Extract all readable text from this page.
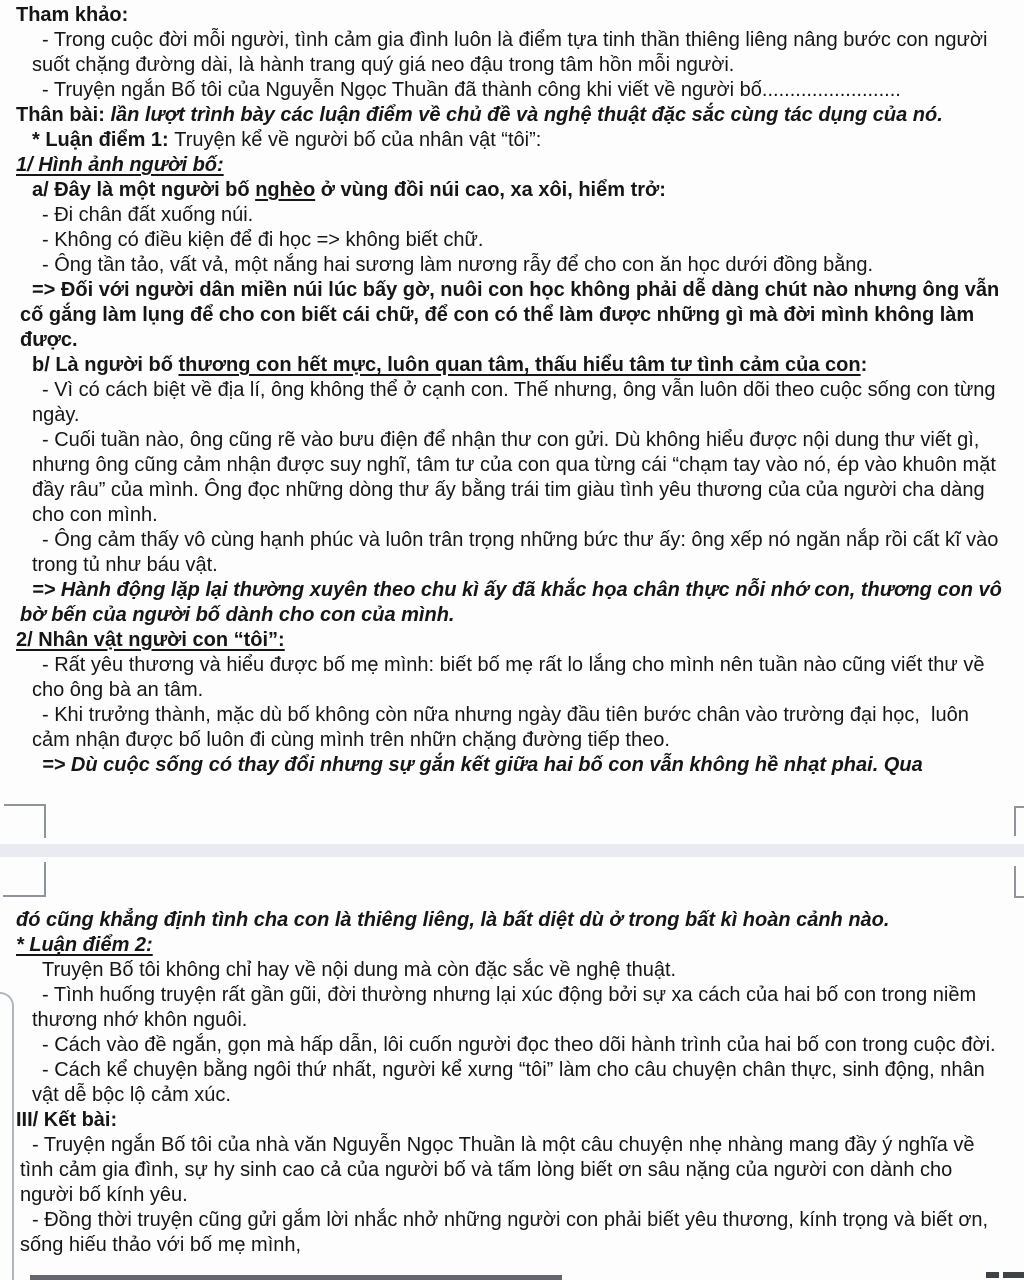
Tham khảo:

- Trong cuộc đời mỗi người, tình cảm gia đình luôn là điểm tựa tinh thần thiêng liêng nâng bước con người suốt chặng đường dài, là hành trang quý giá neo đậu trong tâm hồn mỗi người.

- Truyện ngắn Bố tôi của Nguyễn Ngọc Thuần đã thành công khi viết về người bố.........................

Thân bài: lần lượt trình bày các luận điểm về chủ đề và nghệ thuật đặc sắc cùng tác dụng của nó.

* Luận điểm 1: Truyện kể về người bố của nhân vật “tôi”:

1/ Hình ảnh người bố:

a/ Đây là một người bố nghèo ở vùng đồi núi cao, xa xôi, hiểm trở:

- Đi chân đất xuống núi.

- Không có điều kiện để đi học => không biết chữ.

- Ông tần tảo, vất vả, một nắng hai sương làm nương rẫy để cho con ăn học dưới đồng bằng.

=> Đối với người dân miền núi lúc bấy gờ, nuôi con học không phải dễ dàng chút nào nhưng ông vẫn cố gắng làm lụng để cho con biết cái chữ, để con có thể làm được những gì mà đời mình không làm được.

b/ Là người bố thương con hết mực, luôn quan tâm, thấu hiểu tâm tư tình cảm của con:

- Vì có cách biệt về địa lí, ông không thể ở cạnh con. Thế nhưng, ông vẫn luôn dõi theo cuộc sống con từng ngày.

- Cuối tuần nào, ông cũng rẽ vào bưu điện để nhận thư con gửi. Dù không hiểu được nội dung thư viết gì, nhưng ông cũng cảm nhận được suy nghĩ, tâm tư của con qua từng cái “chạm tay vào nó, ép vào khuôn mặt đầy râu” của mình. Ông đọc những dòng thư ấy bằng trái tim giàu tình yêu thương của của người cha dàng cho con mình.

- Ông cảm thấy vô cùng hạnh phúc và luôn trân trọng những bức thư ấy: ông xếp nó ngăn nắp rồi cất kĩ vào trong tủ như báu vật.

=> Hành động lặp lại thường xuyên theo chu kì ấy đã khắc họa chân thực nỗi nhớ con, thương con vô bờ bến của người bố dành cho con của mình.

2/ Nhân vật người con “tôi”:

- Rất yêu thương và hiểu được bố mẹ mình: biết bố mẹ rất lo lắng cho mình nên tuần nào cũng viết thư về cho ông bà an tâm.

- Khi trưởng thành, mặc dù bố không còn nữa nhưng ngày đầu tiên bước chân vào trường đại học,  luôn cảm nhận được bố luôn đi cùng mình trên nhữn chặng đường tiếp theo.

=> Dù cuộc sống có thay đổi nhưng sự gắn kết giữa hai bố con vẫn không hề nhạt phai. Qua

đó cũng khẳng định tình cha con là thiêng liêng, là bất diệt dù ở trong bất kì hoàn cảnh nào.

* Luận điểm 2:

Truyện Bố tôi không chỉ hay về nội dung mà còn đặc sắc về nghệ thuật.

- Tình huống truyện rất gần gũi, đời thường nhưng lại xúc động bởi sự xa cách của hai bố con trong niềm thương nhớ khôn nguôi.

- Cách vào đề ngắn, gọn mà hấp dẫn, lôi cuốn người đọc theo dõi hành trình của hai bố con trong cuộc đời.

- Cách kể chuyện bằng ngôi thứ nhất, người kể xưng “tôi” làm cho câu chuyện chân thực, sinh động, nhân vật dễ bộc lộ cảm xúc.

III/ Kết bài:

- Truyện ngắn Bố tôi của nhà văn Nguyễn Ngọc Thuần là một câu chuyện nhẹ nhàng mang đầy ý nghĩa về tình cảm gia đình, sự hy sinh cao cả của người bố và tấm lòng biết ơn sâu nặng của người con dành cho người bố kính yêu.

- Đồng thời truyện cũng gửi gắm lời nhắc nhở những người con phải biết yêu thương, kính trọng và biết ơn, sống hiếu thảo với bố mẹ mình,
